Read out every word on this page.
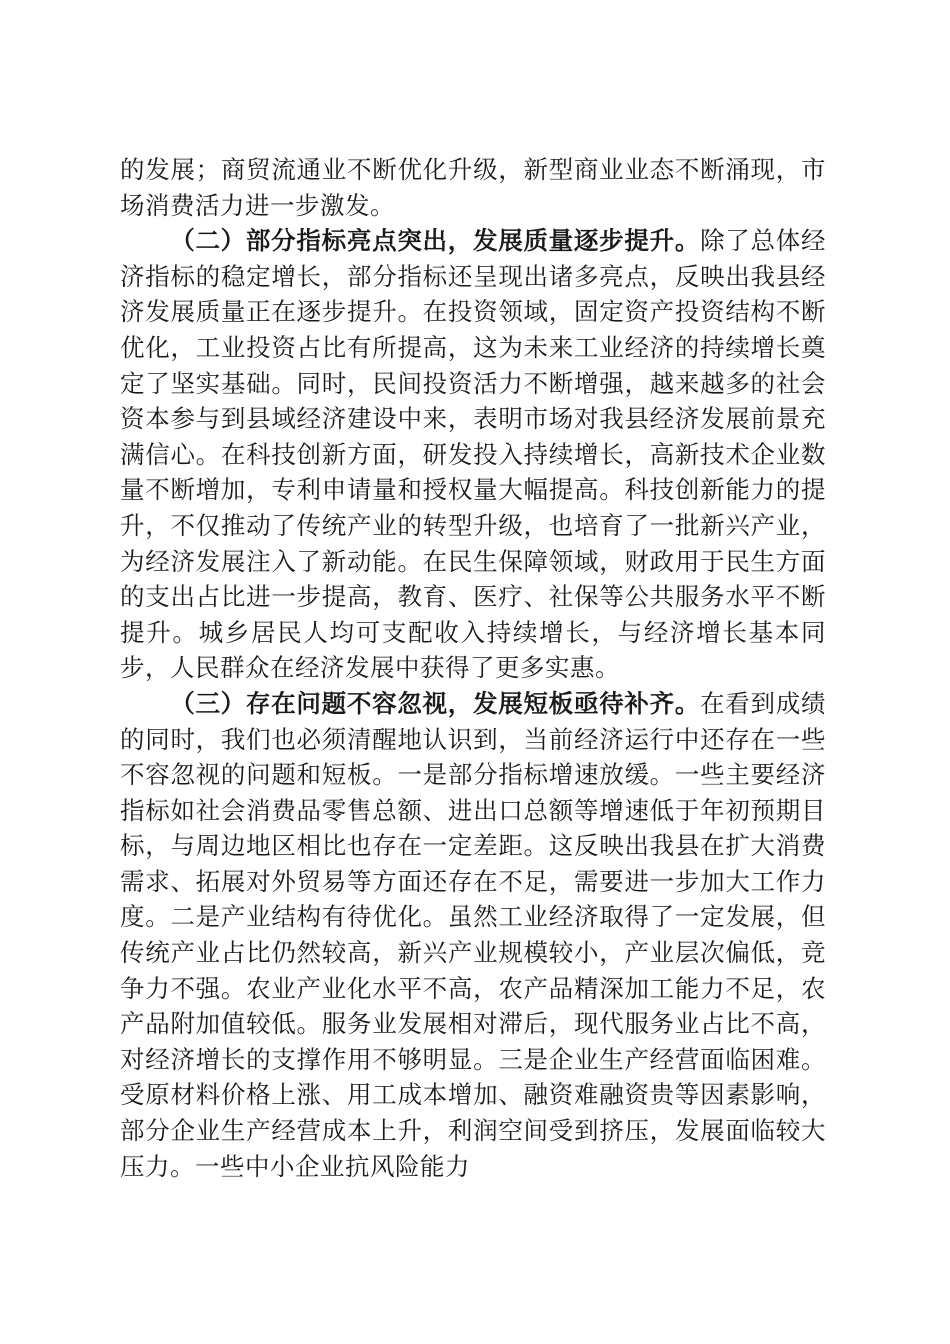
的发展；商贸流通业不断优化升级，新型商业业态不断涌现，市场消费活力进一步激发。

（二）部分指标亮点突出，发展质量逐步提升。除了总体经济指标的稳定增长，部分指标还呈现出诸多亮点，反映出我县经济发展质量正在逐步提升。在投资领域，固定资产投资结构不断优化，工业投资占比有所提高，这为未来工业经济的持续增长奠定了坚实基础。同时，民间投资活力不断增强，越来越多的社会资本参与到县域经济建设中来，表明市场对我县经济发展前景充满信心。在科技创新方面，研发投入持续增长，高新技术企业数量不断增加，专利申请量和授权量大幅提高。科技创新能力的提升，不仅推动了传统产业的转型升级，也培育了一批新兴产业，为经济发展注入了新动能。在民生保障领域，财政用于民生方面的支出占比进一步提高，教育、医疗、社保等公共服务水平不断提升。城乡居民人均可支配收入持续增长，与经济增长基本同步，人民群众在经济发展中获得了更多实惠。

（三）存在问题不容忽视，发展短板亟待补齐。在看到成绩的同时，我们也必须清醒地认识到，当前经济运行中还存在一些不容忽视的问题和短板。一是部分指标增速放缓。一些主要经济指标如社会消费品零售总额、进出口总额等增速低于年初预期目标，与周边地区相比也存在一定差距。这反映出我县在扩大消费需求、拓展对外贸易等方面还存在不足，需要进一步加大工作力度。二是产业结构有待优化。虽然工业经济取得了一定发展，但传统产业占比仍然较高，新兴产业规模较小，产业层次偏低，竞争力不强。农业产业化水平不高，农产品精深加工能力不足，农产品附加值较低。服务业发展相对滞后，现代服务业占比不高，对经济增长的支撑作用不够明显。三是企业生产经营面临困难。受原材料价格上涨、用工成本增加、融资难融资贵等因素影响，部分企业生产经营成本上升，利润空间受到挤压，发展面临较大压力。一些中小企业抗风险能力
